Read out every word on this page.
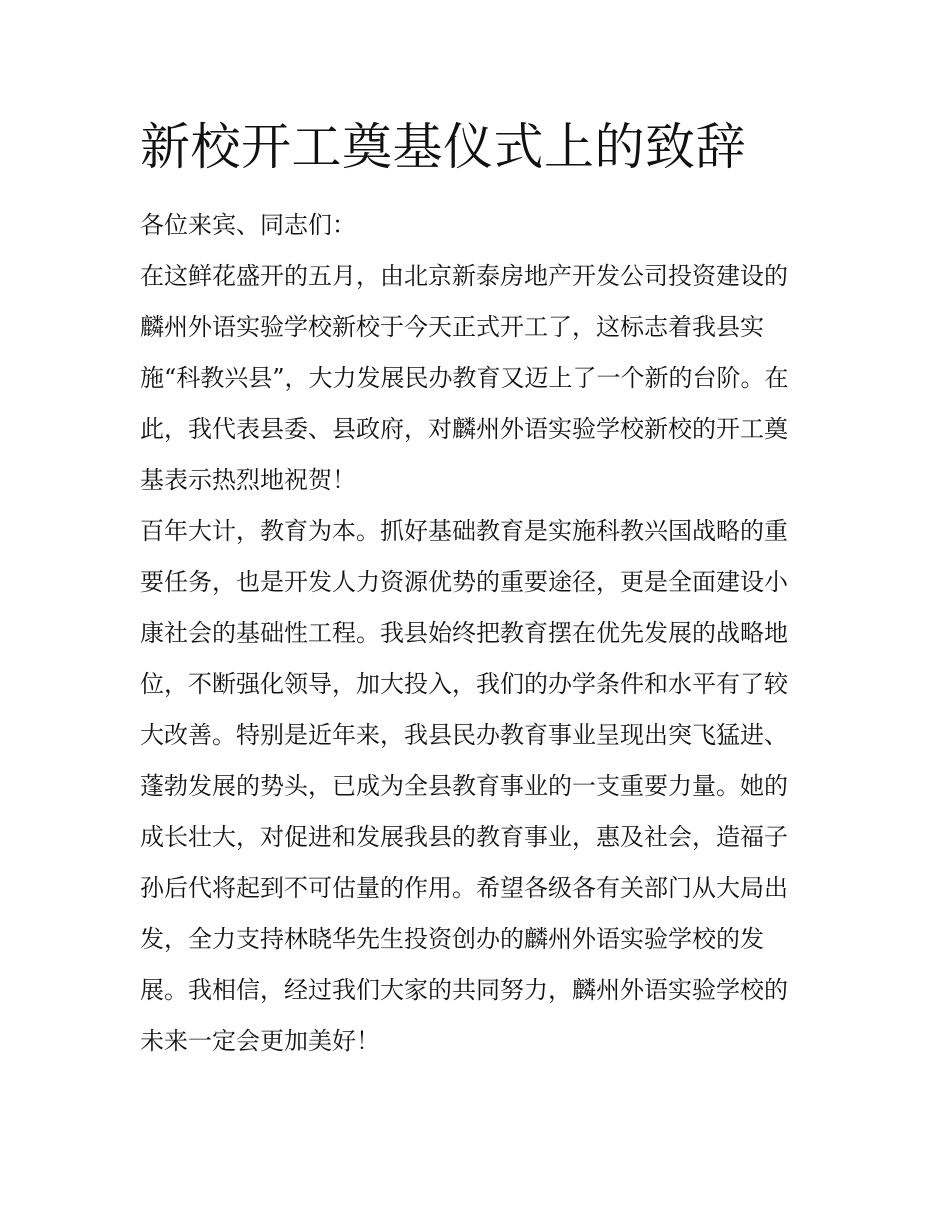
新校开工奠基仪式上的致辞
各位来宾、同志们：
在这鲜花盛开的五月，由北京新泰房地产开发公司投资建设的
麟州外语实验学校新校于今天正式开工了，这标志着我县实
施“科教兴县”，大力发展民办教育又迈上了一个新的台阶。在
此，我代表县委、县政府，对麟州外语实验学校新校的开工奠
基表示热烈地祝贺！
百年大计，教育为本。抓好基础教育是实施科教兴国战略的重
要任务，也是开发人力资源优势的重要途径，更是全面建设小
康社会的基础性工程。我县始终把教育摆在优先发展的战略地
位，不断强化领导，加大投入，我们的办学条件和水平有了较
大改善。特别是近年来，我县民办教育事业呈现出突飞猛进、
蓬勃发展的势头，已成为全县教育事业的一支重要力量。她的
成长壮大，对促进和发展我县的教育事业，惠及社会，造福子
孙后代将起到不可估量的作用。希望各级各有关部门从大局出
发，全力支持林晓华先生投资创办的麟州外语实验学校的发
展。我相信，经过我们大家的共同努力，麟州外语实验学校的
未来一定会更加美好！
